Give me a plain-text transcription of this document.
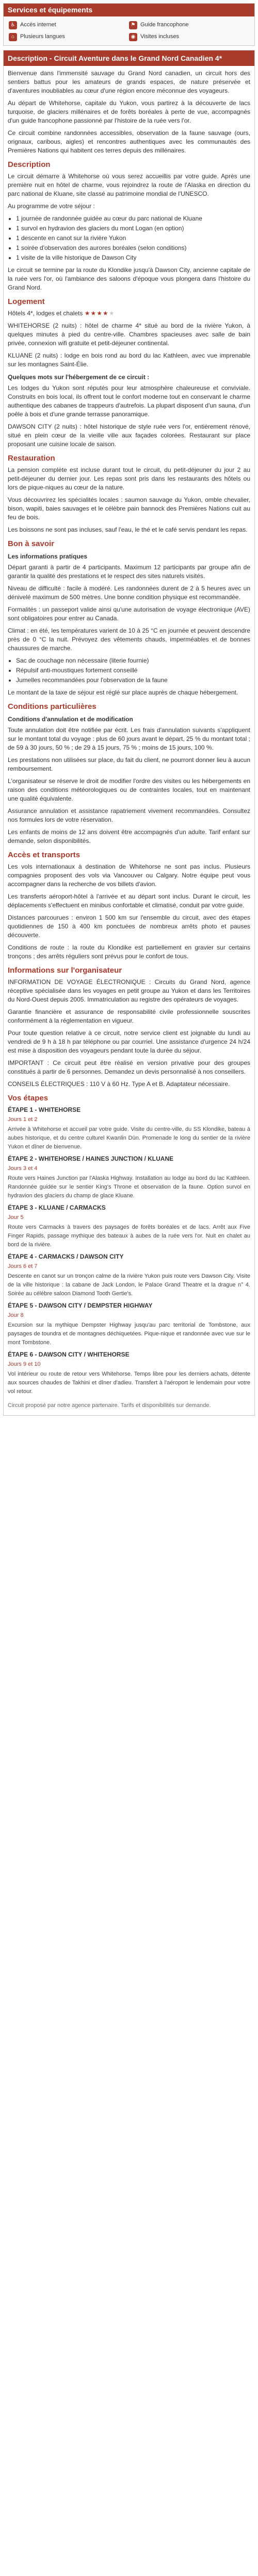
Services et équipements
♿ Accès internet	⚑ Guide francophone
⌂ Plusieurs langues	◉ Visites incluses
Description - Circuit Aventure dans le Grand Nord Canadien 4*

Bienvenue dans l'immensité sauvage du Grand Nord canadien, un circuit hors des sentiers battus pour les amateurs de grands espaces, de nature préservée et d'aventures inoubliables au cœur d'une région encore méconnue des voyageurs.

Au départ de Whitehorse, capitale du Yukon, vous partirez à la découverte de lacs turquoise, de glaciers millénaires et de forêts boréales à perte de vue, accompagnés d'un guide francophone passionné par l'histoire de la ruée vers l'or.

Ce circuit combine randonnées accessibles, observation de la faune sauvage (ours, orignaux, caribous, aigles) et rencontres authentiques avec les communautés des Premières Nations qui habitent ces terres depuis des millénaires.

Description

Le circuit démarre à Whitehorse où vous serez accueillis par votre guide. Après une première nuit en hôtel de charme, vous rejoindrez la route de l'Alaska en direction du parc national de Kluane, site classé au patrimoine mondial de l'UNESCO.

Au programme de votre séjour :

• 1 journée de randonnée guidée au cœur du parc national de Kluane
• 1 survol en hydravion des glaciers du mont Logan (en option)
• 1 descente en canot sur la rivière Yukon
• 1 soirée d'observation des aurores boréales (selon conditions)
• 1 visite de la ville historique de Dawson City

Le circuit se termine par la route du Klondike jusqu'à Dawson City, ancienne capitale de la ruée vers l'or, où l'ambiance des saloons d'époque vous plongera dans l'histoire du Grand Nord.

Logement

Hôtels 4*, lodges et chalets ★★★★★

WHITEHORSE (2 nuits) : hôtel de charme 4* situé au bord de la rivière Yukon, à quelques minutes à pied du centre-ville. Chambres spacieuses avec salle de bain privée, connexion wifi gratuite et petit-déjeuner continental.

KLUANE (2 nuits) : lodge en bois rond au bord du lac Kathleen, avec vue imprenable sur les montagnes Saint-Élie.

Quelques mots sur l'hébergement de ce circuit :

Les lodges du Yukon sont réputés pour leur atmosphère chaleureuse et conviviale. Construits en bois local, ils offrent tout le confort moderne tout en conservant le charme authentique des cabanes de trappeurs d'autrefois. La plupart disposent d'un sauna, d'un poêle à bois et d'une grande terrasse panoramique.

DAWSON CITY (2 nuits) : hôtel historique de style ruée vers l'or, entièrement rénové, situé en plein cœur de la vieille ville aux façades colorées. Restaurant sur place proposant une cuisine locale de saison.

Restauration

La pension complète est incluse durant tout le circuit, du petit-déjeuner du jour 2 au petit-déjeuner du dernier jour. Les repas sont pris dans les restaurants des hôtels ou lors de pique-niques au cœur de la nature.

Vous découvrirez les spécialités locales : saumon sauvage du Yukon, omble chevalier, bison, wapiti, baies sauvages et le célèbre pain bannock des Premières Nations cuit au feu de bois.

Les boissons ne sont pas incluses, sauf l'eau, le thé et le café servis pendant les repas.

Bon à savoir
Les informations pratiques

Départ garanti à partir de 4 participants. Maximum 12 participants par groupe afin de garantir la qualité des prestations et le respect des sites naturels visités.

Niveau de difficulté : facile à modéré. Les randonnées durent de 2 à 5 heures avec un dénivelé maximum de 500 mètres. Une bonne condition physique est recommandée.

Formalités : un passeport valide ainsi qu'une autorisation de voyage électronique (AVE) sont obligatoires pour entrer au Canada.

Climat : en été, les températures varient de 10 à 25 °C en journée et peuvent descendre près de 0 °C la nuit. Prévoyez des vêtements chauds, imperméables et de bonnes chaussures de marche.

• Sac de couchage non nécessaire (literie fournie)
• Répulsif anti-moustiques fortement conseillé
• Jumelles recommandées pour l'observation de la faune

Le montant de la taxe de séjour est réglé sur place auprès de chaque hébergement.

Conditions particulières
Conditions d'annulation et de modification

Toute annulation doit être notifiée par écrit. Les frais d'annulation suivants s'appliquent sur le montant total du voyage : plus de 60 jours avant le départ, 25 % du montant total ; de 59 à 30 jours, 50 % ; de 29 à 15 jours, 75 % ; moins de 15 jours, 100 %.

Les prestations non utilisées sur place, du fait du client, ne pourront donner lieu à aucun remboursement.

L'organisateur se réserve le droit de modifier l'ordre des visites ou les hébergements en raison des conditions météorologiques ou de contraintes locales, tout en maintenant une qualité équivalente.

Assurance annulation et assistance rapatriement vivement recommandées. Consultez nos formules lors de votre réservation.

Les enfants de moins de 12 ans doivent être accompagnés d'un adulte. Tarif enfant sur demande, selon disponibilités.

Accès et transports

Les vols internationaux à destination de Whitehorse ne sont pas inclus. Plusieurs compagnies proposent des vols via Vancouver ou Calgary. Notre équipe peut vous accompagner dans la recherche de vos billets d'avion.

Les transferts aéroport-hôtel à l'arrivée et au départ sont inclus. Durant le circuit, les déplacements s'effectuent en minibus confortable et climatisé, conduit par votre guide.

Distances parcourues : environ 1 500 km sur l'ensemble du circuit, avec des étapes quotidiennes de 150 à 400 km ponctuées de nombreux arrêts photo et pauses découverte.

Conditions de route : la route du Klondike est partiellement en gravier sur certains tronçons ; des arrêts réguliers sont prévus pour le confort de tous.

Informations sur l'organisateur

INFORMATION DE VOYAGE ÉLECTRONIQUE : Circuits du Grand Nord, agence réceptive spécialisée dans les voyages en petit groupe au Yukon et dans les Territoires du Nord-Ouest depuis 2005. Immatriculation au registre des opérateurs de voyages.

Garantie financière et assurance de responsabilité civile professionnelle souscrites conformément à la réglementation en vigueur.

Pour toute question relative à ce circuit, notre service client est joignable du lundi au vendredi de 9 h à 18 h par téléphone ou par courriel. Une assistance d'urgence 24 h/24 est mise à disposition des voyageurs pendant toute la durée du séjour.

IMPORTANT : Ce circuit peut être réalisé en version privative pour des groupes constitués à partir de 6 personnes. Demandez un devis personnalisé à nos conseillers.

CONSEILS ÉLECTRIQUES : 110 V à 60 Hz. Type A et B. Adaptateur nécessaire.

Vos étapes
ÉTAPE 1 - WHITEHORSE
Jours 1 et 2
Arrivée à Whitehorse et accueil par votre guide. Visite du centre-ville, du SS Klondike, bateau à aubes historique, et du centre culturel Kwanlin Dün. Promenade le long du sentier de la rivière Yukon et dîner de bienvenue.
ÉTAPE 2 - WHITEHORSE / HAINES JUNCTION / KLUANE
Jours 3 et 4
Route vers Haines Junction par l'Alaska Highway. Installation au lodge au bord du lac Kathleen. Randonnée guidée sur le sentier King's Throne et observation de la faune. Option survol en hydravion des glaciers du champ de glace Kluane.
ÉTAPE 3 - KLUANE / CARMACKS
Jour 5
Route vers Carmacks à travers des paysages de forêts boréales et de lacs. Arrêt aux Five Finger Rapids, passage mythique des bateaux à aubes de la ruée vers l'or. Nuit en chalet au bord de la rivière.
ÉTAPE 4 - CARMACKS / DAWSON CITY
Jours 6 et 7
Descente en canot sur un tronçon calme de la rivière Yukon puis route vers Dawson City. Visite de la ville historique : la cabane de Jack London, le Palace Grand Theatre et la drague n° 4. Soirée au célèbre saloon Diamond Tooth Gertie's.
ÉTAPE 5 - DAWSON CITY / DEMPSTER HIGHWAY
Jour 8
Excursion sur la mythique Dempster Highway jusqu'au parc territorial de Tombstone, aux paysages de toundra et de montagnes déchiquetées. Pique-nique et randonnée avec vue sur le mont Tombstone.
ÉTAPE 6 - DAWSON CITY / WHITEHORSE
Jours 9 et 10
Vol intérieur ou route de retour vers Whitehorse. Temps libre pour les derniers achats, détente aux sources chaudes de Takhini et dîner d'adieu. Transfert à l'aéroport le lendemain pour votre vol retour.
Circuit proposé par notre agence partenaire. Tarifs et disponibilités sur demande.
